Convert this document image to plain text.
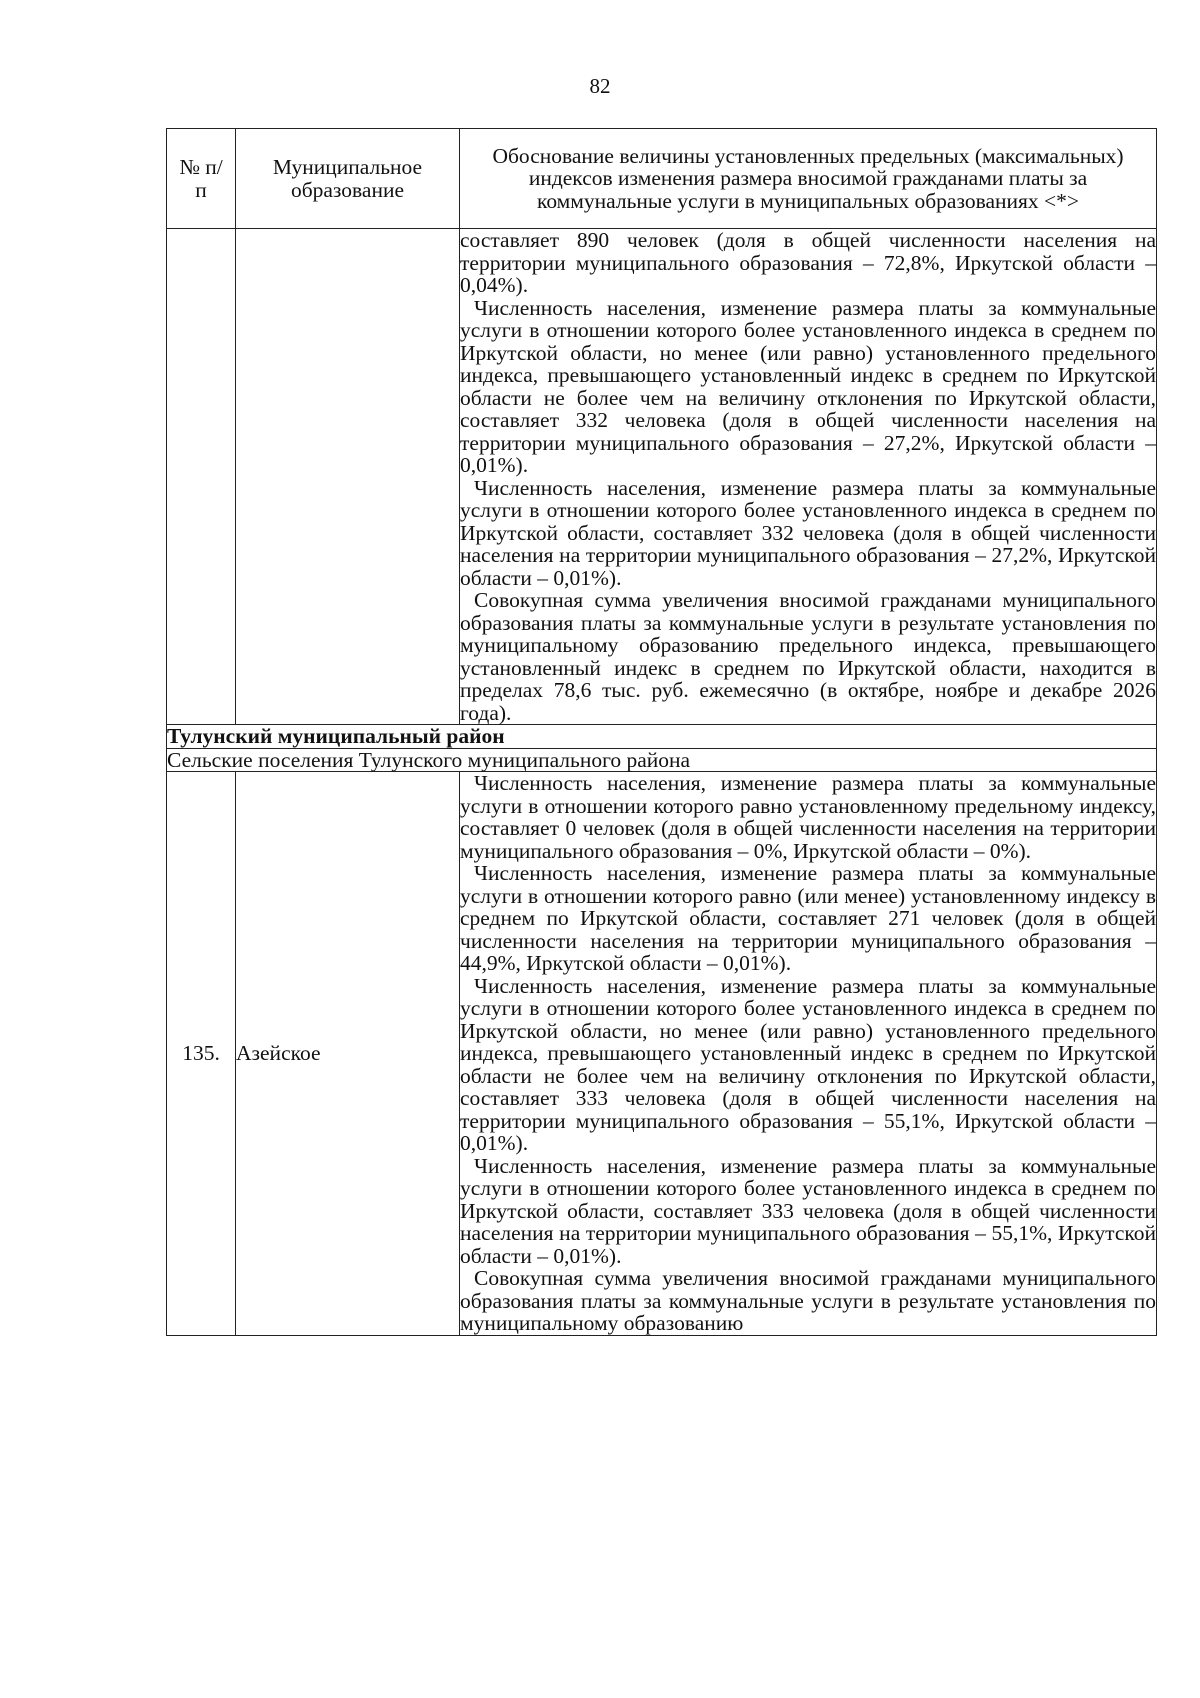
82
№ п/п	Муниципальное образование	Обоснование величины установленных предельных (максимальных) индексов изменения размера вносимой гражданами платы за коммунальные услуги в муниципальных образованиях <*>

		составляет 890 человек (доля в общей численности населения на территории муниципального образования – 72,8%, Иркутской области – 0,04%).

Численность населения, изменение размера платы за коммунальные услуги в отношении которого более установленного индекса в среднем по Иркутской области, но менее (или равно) установленного предельного индекса, превышающего установленный индекс в среднем по Иркутской области не более чем на величину отклонения по Иркутской области, составляет 332 человека (доля в общей численности населения на территории муниципального образования – 27,2%, Иркутской области – 0,01%).

Численность населения, изменение размера платы за коммунальные услуги в отношении которого более установленного индекса в среднем по Иркутской области, составляет 332 человека (доля в общей численности населения на территории муниципального образования – 27,2%, Иркутской области – 0,01%).

Совокупная сумма увеличения вносимой гражданами муниципального образования платы за коммунальные услуги в результате установления по муниципальному образованию предельного индекса, превышающего установленный индекс в среднем по Иркутской области, находится в пределах 78,6 тыс. руб. ежемесячно (в октябре, ноябре и декабре 2026 года).

Тулунский муниципальный район		
Сельские поселения Тулунского муниципального района		
135.	Азейское	Численность населения, изменение размера платы за коммунальные услуги в отношении которого равно установленному предельному индексу, составляет 0 человек (доля в общей численности населения на территории муниципального образования – 0%, Иркутской области – 0%).

Численность населения, изменение размера платы за коммунальные услуги в отношении которого равно (или менее) установленному индексу в среднем по Иркутской области, составляет 271 человек (доля в общей численности населения на территории муниципального образования – 44,9%, Иркутской области – 0,01%).

Численность населения, изменение размера платы за коммунальные услуги в отношении которого более установленного индекса в среднем по Иркутской области, но менее (или равно) установленного предельного индекса, превышающего установленный индекс в среднем по Иркутской области не более чем на величину отклонения по Иркутской области, составляет 333 человека (доля в общей численности населения на территории муниципального образования – 55,1%, Иркутской области – 0,01%).

Численность населения, изменение размера платы за коммунальные услуги в отношении которого более установленного индекса в среднем по Иркутской области, составляет 333 человека (доля в общей численности населения на территории муниципального образования – 55,1%, Иркутской области – 0,01%).

Совокупная сумма увеличения вносимой гражданами муниципального образования платы за коммунальные услуги в результате установления по муниципальному образованию
